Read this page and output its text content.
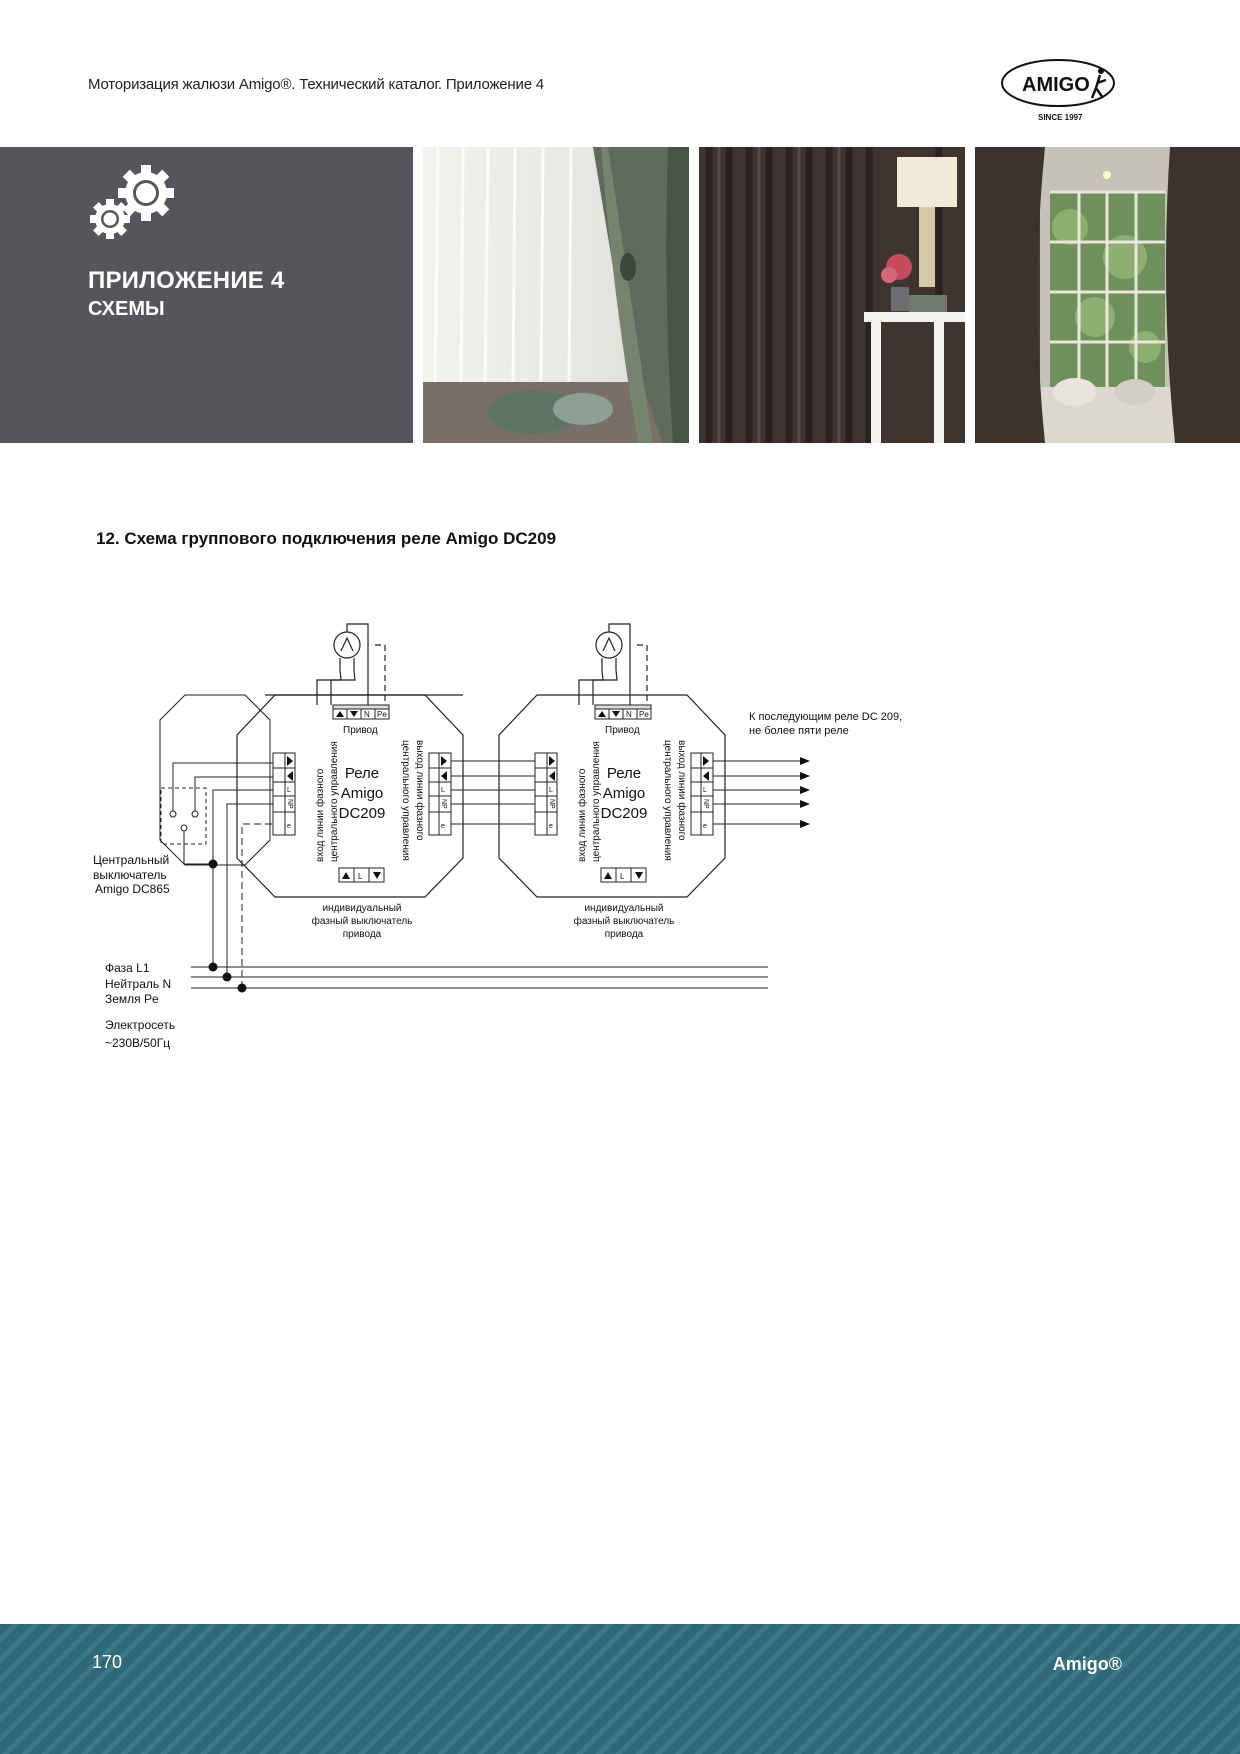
Моторизация жалюзи Amigo®. Технический каталог. Приложение 4	AMIGO
SINCE 1997
ПРИЛОЖЕНИЕ 4
СХЕМЫ
12. Схема группового подключения реле Amigo DC209
N Pe	N Pe
Привод	Привод
Реле
Amigo
DC209
Реле
Amigo
DC209
вход линии фазного центрального управления	центрального управления выход линии фазного	вход линии фазного центрального управления	центрального управления выход линии фазного
L
NP
e
L
NP
e
L
NP
e
L
NP
e
L	L
индивидуальный
фазный выключатель
привода
индивидуальный
фазный выключатель
привода
К последующим реле DC 209,
не более пяти реле
Центральный
выключатель
Amigo DC865
Фаза L1
Нейтраль N
Земля Pe
Электросеть
~230В/50Гц
170	Amigo®
